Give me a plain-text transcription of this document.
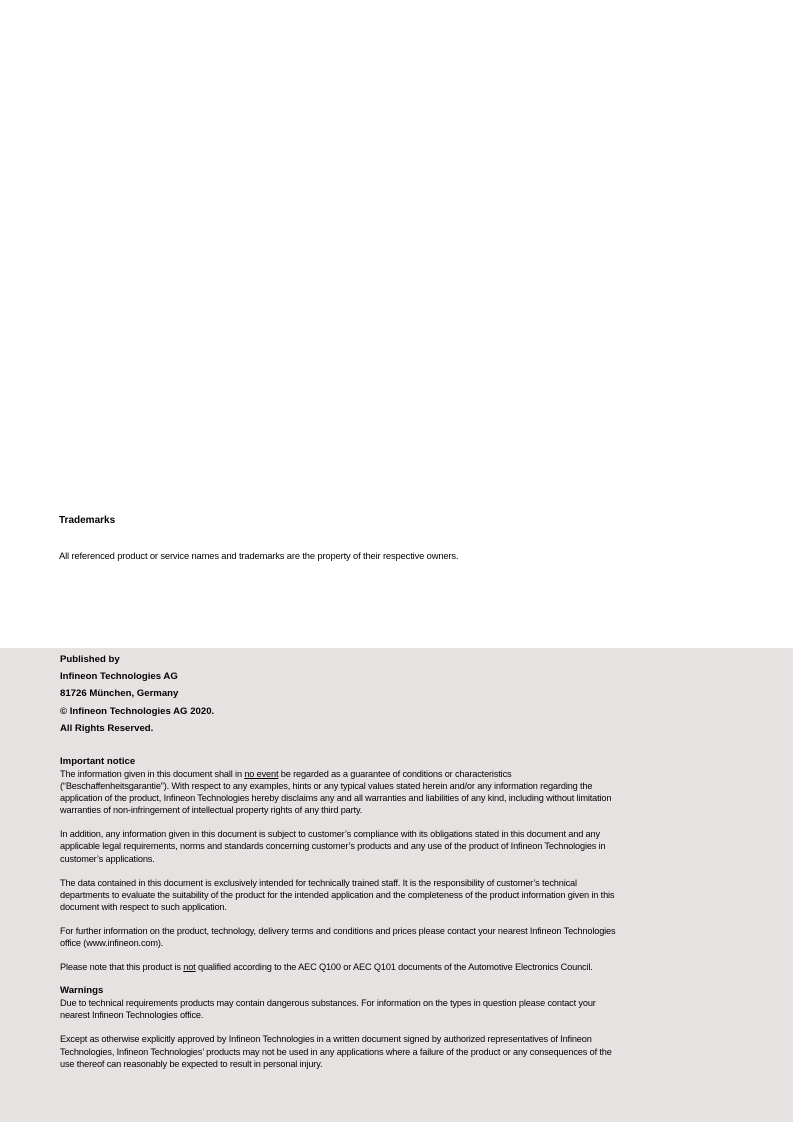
Trademarks

All referenced product or service names and trademarks are the property of their respective owners.

Published by

Infineon Technologies AG

81726 München, Germany

© Infineon Technologies AG 2020.

All Rights Reserved.

Important notice

The information given in this document shall in no event be regarded as a guarantee of conditions or characteristics (“Beschaffenheitsgarantie”). With respect to any examples, hints or any typical values stated herein and/or any information regarding the application of the product, Infineon Technologies hereby disclaims any and all warranties and liabilities of any kind, including without limitation warranties of non-infringement of intellectual property rights of any third party.

In addition, any information given in this document is subject to customer’s compliance with its obligations stated in this document and any applicable legal requirements, norms and standards concerning customer’s products and any use of the product of Infineon Technologies in customer’s applications.

The data contained in this document is exclusively intended for technically trained staff. It is the responsibility of customer’s technical departments to evaluate the suitability of the product for the intended application and the completeness of the product information given in this document with respect to such application.

For further information on the product, technology, delivery terms and conditions and prices please contact your nearest Infineon Technologies office (www.infineon.com).

Please note that this product is not qualified according to the AEC Q100 or AEC Q101 documents of the Automotive Electronics Council.

Warnings

Due to technical requirements products may contain dangerous substances. For information on the types in question please contact your nearest Infineon Technologies office.

Except as otherwise explicitly approved by Infineon Technologies in a written document signed by authorized representatives of Infineon Technologies, Infineon Technologies’ products may not be used in any applications where a failure of the product or any consequences of the use thereof can reasonably be expected to result in personal injury.
